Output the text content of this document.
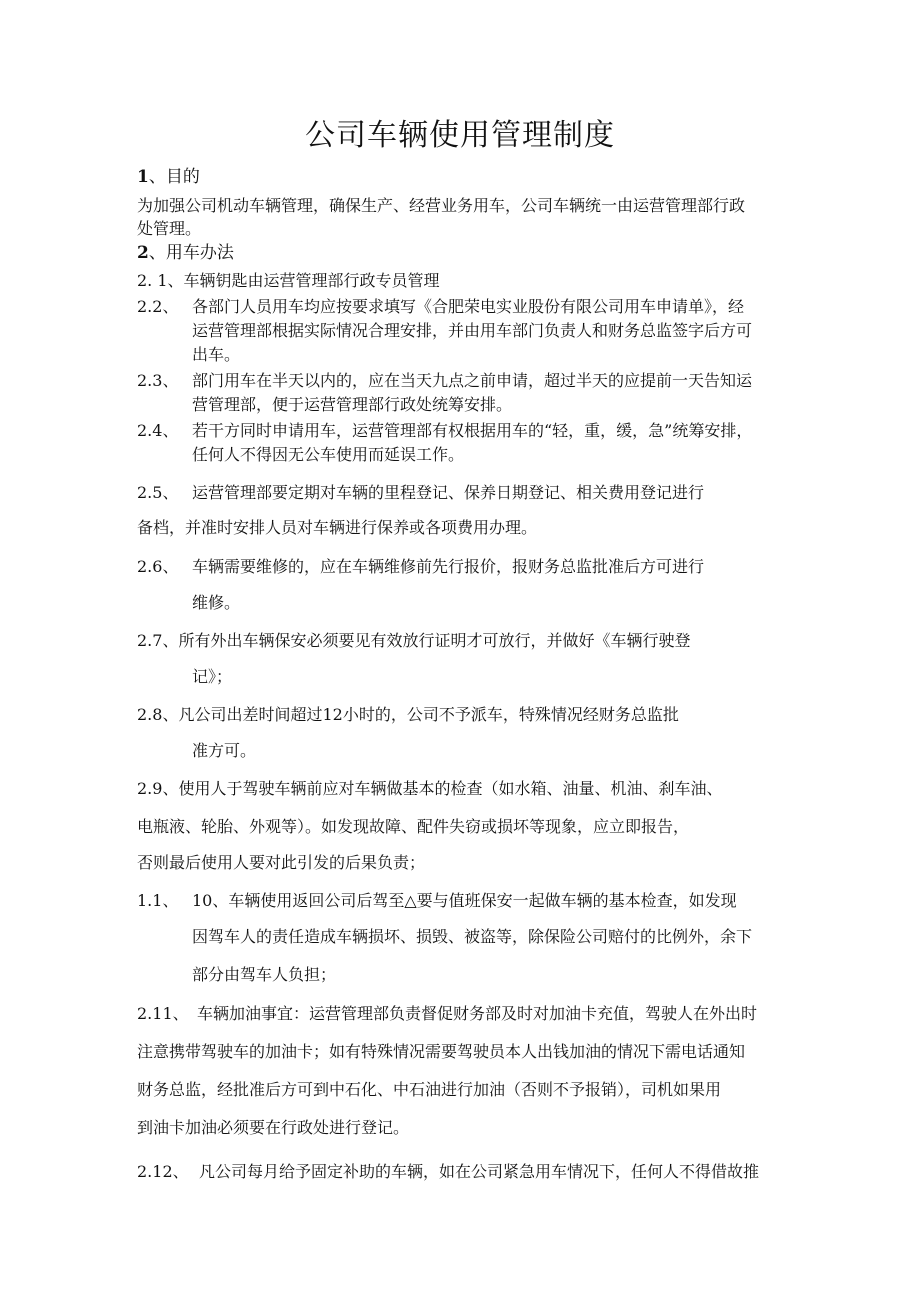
公司车辆使用管理制度
1、目的
为加强公司机动车辆管理，确保生产、经营业务用车，公司车辆统一由运营管理部行政
处管理。
2、用车办法
2. 1、车辆钥匙由运营管理部行政专员管理
2.2、 各部门人员用车均应按要求填写《合肥荣电实业股份有限公司用车申请单》，经
运营管理部根据实际情况合理安排，并由用车部门负责人和财务总监签字后方可
出车。
2.3、 部门用车在半天以内的，应在当天九点之前申请，超过半天的应提前一天告知运
营管理部，便于运营管理部行政处统筹安排。
2.4、 若干方同时申请用车，运营管理部有权根据用车的“轻，重，缓，急”统筹安排，
任何人不得因无公车使用而延误工作。
2.5、 运营管理部要定期对车辆的里程登记、保养日期登记、相关费用登记进行
备档，并准时安排人员对车辆进行保养或各项费用办理。
2.6、 车辆需要维修的，应在车辆维修前先行报价，报财务总监批准后方可进行
维修。
2.7、所有外出车辆保安必须要见有效放行证明才可放行，并做好《车辆行驶登
记》；
2.8、凡公司出差时间超过12小时的，公司不予派车，特殊情况经财务总监批
准方可。
2.9、使用人于驾驶车辆前应对车辆做基本的检查（如水箱、油量、机油、刹车油、
电瓶液、轮胎、外观等）。如发现故障、配件失窃或损坏等现象，应立即报告，
否则最后使用人要对此引发的后果负责；
1.1、 10、车辆使用返回公司后驾至△要与值班保安一起做车辆的基本检查，如发现
因驾车人的责任造成车辆损坏、损毁、被盗等，除保险公司赔付的比例外，余下
部分由驾车人负担；
2.11、 车辆加油事宜：运营管理部负责督促财务部及时对加油卡充值，驾驶人在外出时
注意携带驾驶车的加油卡；如有特殊情况需要驾驶员本人出钱加油的情况下需电话通知
财务总监，经批准后方可到中石化、中石油进行加油（否则不予报销），司机如果用
到油卡加油必须要在行政处进行登记。
2.12、 凡公司每月给予固定补助的车辆，如在公司紧急用车情况下，任何人不得借故推
